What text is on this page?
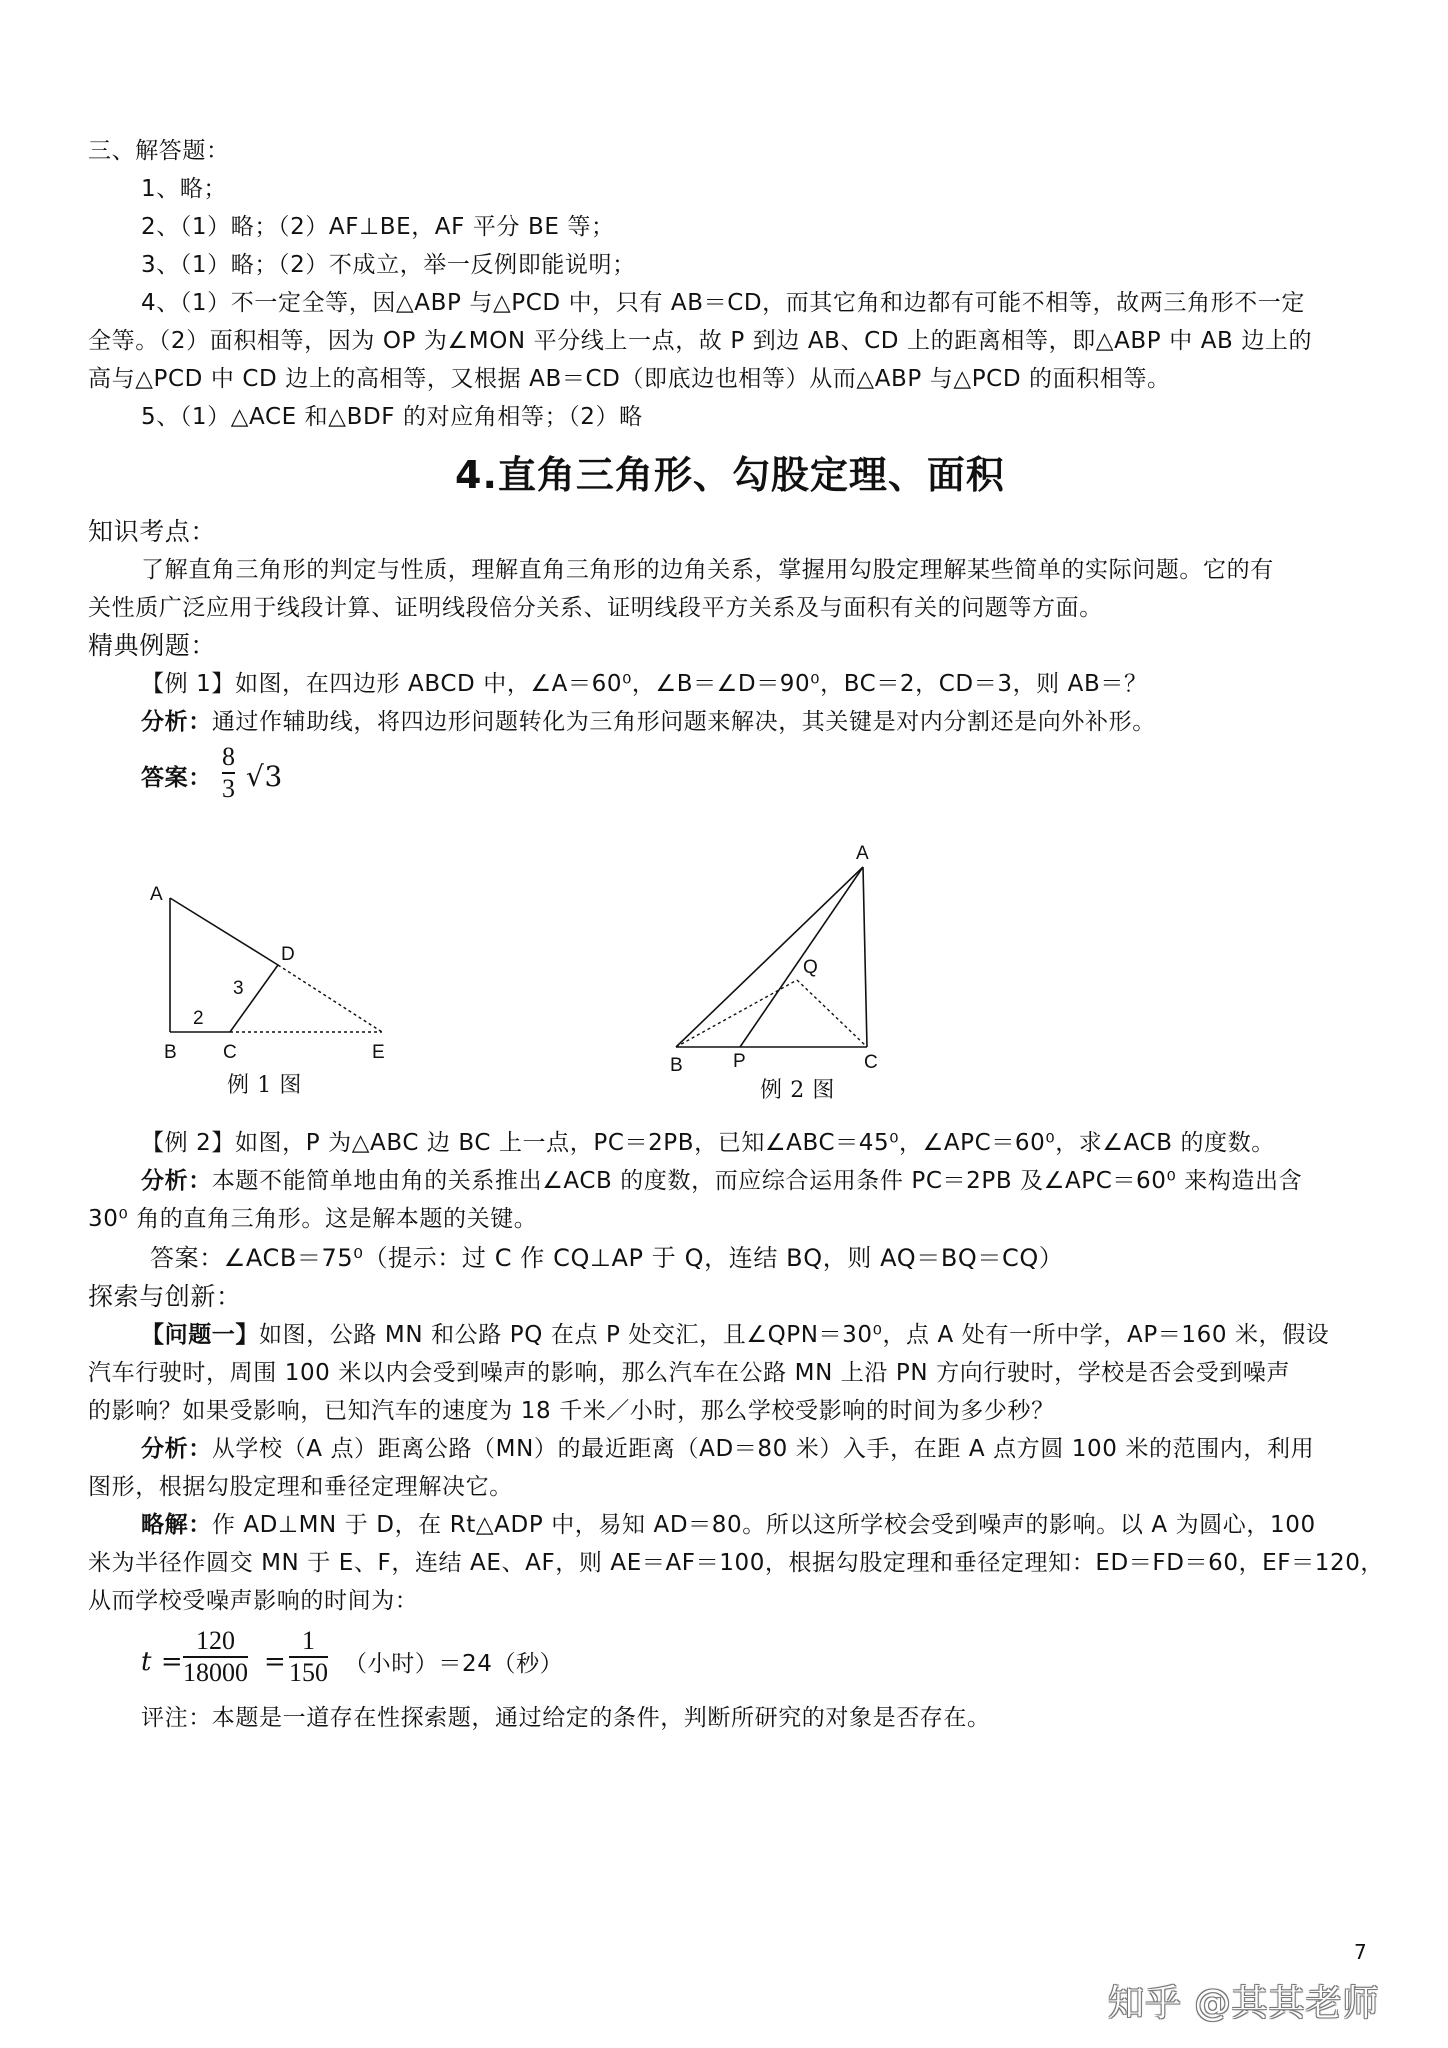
三、解答题：
1、略；
2、（1）略；（2）AF⊥BE，AF 平分 BE 等；
3、（1）略；（2）不成立，举一反例即能说明；
4、（1）不一定全等，因△ABP 与△PCD 中，只有 AB＝CD，而其它角和边都有可能不相等，故两三角形不一定
全等。（2）面积相等，因为 OP 为∠MON 平分线上一点，故 P 到边 AB、CD 上的距离相等，即△ABP 中 AB 边上的
高与△PCD 中 CD 边上的高相等，又根据 AB＝CD（即底边也相等）从而△ABP 与△PCD 的面积相等。
5、（1）△ACE 和△BDF 的对应角相等；（2）略
4.直角三角形、勾股定理、面积
知识考点：
了解直角三角形的判定与性质，理解直角三角形的边角关系，掌握用勾股定理解某些简单的实际问题。它的有
关性质广泛应用于线段计算、证明线段倍分关系、证明线段平方关系及与面积有关的问题等方面。
精典例题：
【例 1】如图，在四边形 ABCD 中，∠A＝60⁰，∠B＝∠D＝90⁰，BC＝2，CD＝3，则 AB＝？
分析：通过作辅助线，将四边形问题转化为三角形问题来解决，其关键是对内分割还是向外补形。
答案：
8
3 √3
A
B C
D
E
2
3
例 1 图
A
B	P	C
Q
例 2 图
【例 2】如图，P 为△ABC 边 BC 上一点，PC＝2PB，已知∠ABC＝45⁰，∠APC＝60⁰，求∠ACB 的度数。
分析：本题不能简单地由角的关系推出∠ACB 的度数，而应综合运用条件 PC＝2PB 及∠APC＝60⁰ 来构造出含
30⁰ 角的直角三角形。这是解本题的关键。
答案：∠ACB＝75⁰（提示：过 C 作 CQ⊥AP 于 Q，连结 BQ，则 AQ＝BQ＝CQ）
探索与创新：
【问题一】如图，公路 MN 和公路 PQ 在点 P 处交汇，且∠QPN＝30⁰，点 A 处有一所中学，AP＝160 米，假设
汽车行驶时，周围 100 米以内会受到噪声的影响，那么汽车在公路 MN 上沿 PN 方向行驶时，学校是否会受到噪声
的影响？如果受影响，已知汽车的速度为 18 千米／小时，那么学校受影响的时间为多少秒？
分析：从学校（A 点）距离公路（MN）的最近距离（AD＝80 米）入手，在距 A 点方圆 100 米的范围内，利用
图形，根据勾股定理和垂径定理解决它。
略解：作 AD⊥MN 于 D，在 Rt△ADP 中，易知 AD＝80。所以这所学校会受到噪声的影响。以 A 为圆心，100
米为半径作圆交 MN 于 E、F，连结 AE、AF，则 AE＝AF＝100，根据勾股定理和垂径定理知：ED＝FD＝60，EF＝120，
从而学校受噪声影响的时间为：
t =
120
18000 =
1
150 （小时）＝24（秒）
评注：本题是一道存在性探索题，通过给定的条件，判断所研究的对象是否存在。
7
知乎 @其其老师
